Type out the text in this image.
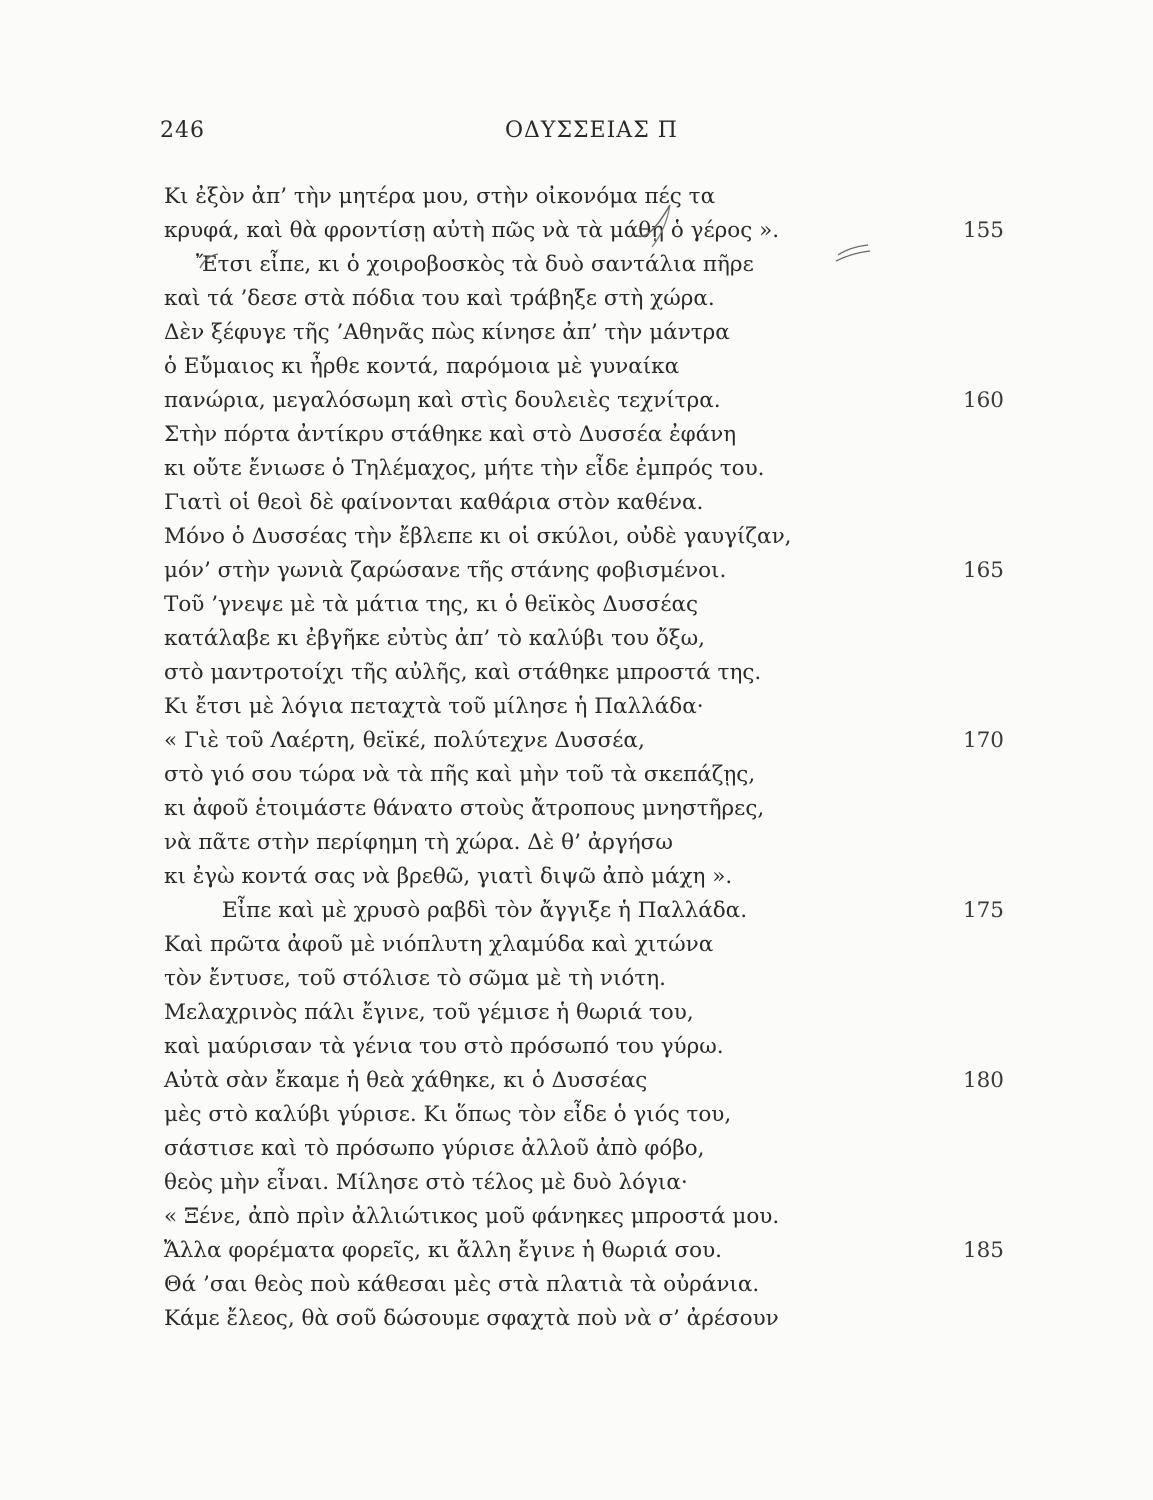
246	ΟΔΥΣΣΕΙΑΣ Π
Κι ἐξὸν ἀπ’ τὴν μητέρα μου, στὴν οἰκονόμα πές τα
κρυφά, καὶ θὰ φροντίσῃ αὐτὴ πῶς νὰ τὰ μάθῃ ὁ γέρος ».	155
Ἔτσι εἶπε, κι ὁ χοιροβοσκὸς τὰ δυὸ σαντάλια πῆρε
καὶ τά ’δεσε στὰ πόδια του καὶ τράβηξε στὴ χώρα.
Δὲν ξέφυγε τῆς ’Αθηνᾶς πὼς κίνησε ἀπ’ τὴν μάντρα
ὁ Εὔμαιος κι ἦρθε κοντά, παρόμοια μὲ γυναίκα
πανώρια, μεγαλόσωμη καὶ στὶς δουλειὲς τεχνίτρα.	160
Στὴν πόρτα ἀντίκρυ στάθηκε καὶ στὸ Δυσσέα ἐφάνη
κι οὔτε ἔνιωσε ὁ Τηλέμαχος, μήτε τὴν εἶδε ἐμπρός του.
Γιατὶ οἱ θεοὶ δὲ φαίνονται καθάρια στὸν καθένα.
Μόνο ὁ Δυσσέας τὴν ἔβλεπε κι οἱ σκύλοι, οὐδὲ γαυγίζαν,
μόν’ στὴν γωνιὰ ζαρώσανε τῆς στάνης φοβισμένοι.	165
Τοῦ ’γνεψε μὲ τὰ μάτια της, κι ὁ θεϊκὸς Δυσσέας
κατάλαβε κι ἐβγῆκε εὐτὺς ἀπ’ τὸ καλύβι του ὄξω,
στὸ μαντροτοίχι τῆς αὐλῆς, καὶ στάθηκε μπροστά της.
Κι ἔτσι μὲ λόγια πεταχτὰ τοῦ μίλησε ἡ Παλλάδα·
« Γιὲ τοῦ Λαέρτη, θεϊκέ, πολύτεχνε Δυσσέα,	170
στὸ γιό σου τώρα νὰ τὰ πῆς καὶ μὴν τοῦ τὰ σκεπάζῃς,
κι ἀφοῦ ἑτοιμάστε θάνατο στοὺς ἄτροπους μνηστῆρες,
νὰ πᾶτε στὴν περίφημη τὴ χώρα. Δὲ θ’ ἀργήσω
κι ἐγὼ κοντά σας νὰ βρεθῶ, γιατὶ διψῶ ἀπὸ μάχη ».
Εἶπε καὶ μὲ χρυσὸ ραβδὶ τὸν ἄγγιξε ἡ Παλλάδα.	175
Καὶ πρῶτα ἀφοῦ μὲ νιόπλυτη χλαμύδα καὶ χιτώνα
τὸν ἔντυσε, τοῦ στόλισε τὸ σῶμα μὲ τὴ νιότη.
Μελαχρινὸς πάλι ἔγινε, τοῦ γέμισε ἡ θωριά του,
καὶ μαύρισαν τὰ γένια του στὸ πρόσωπό του γύρω.
Αὐτὰ σὰν ἔκαμε ἡ θεὰ χάθηκε, κι ὁ Δυσσέας	180
μὲς στὸ καλύβι γύρισε. Κι ὅπως τὸν εἶδε ὁ γιός του,
σάστισε καὶ τὸ πρόσωπο γύρισε ἀλλοῦ ἀπὸ φόβο,
θεὸς μὴν εἶναι. Μίλησε στὸ τέλος μὲ δυὸ λόγια·
« Ξένε, ἀπὸ πρὶν ἀλλιώτικος μοῦ φάνηκες μπροστά μου.
Ἄλλα φορέματα φορεῖς, κι ἄλλη ἔγινε ἡ θωριά σου.	185
Θά ’σαι θεὸς ποὺ κάθεσαι μὲς στὰ πλατιὰ τὰ οὐράνια.
Κάμε ἔλεος, θὰ σοῦ δώσουμε σφαχτὰ ποὺ νὰ σ’ ἀρέσουν
